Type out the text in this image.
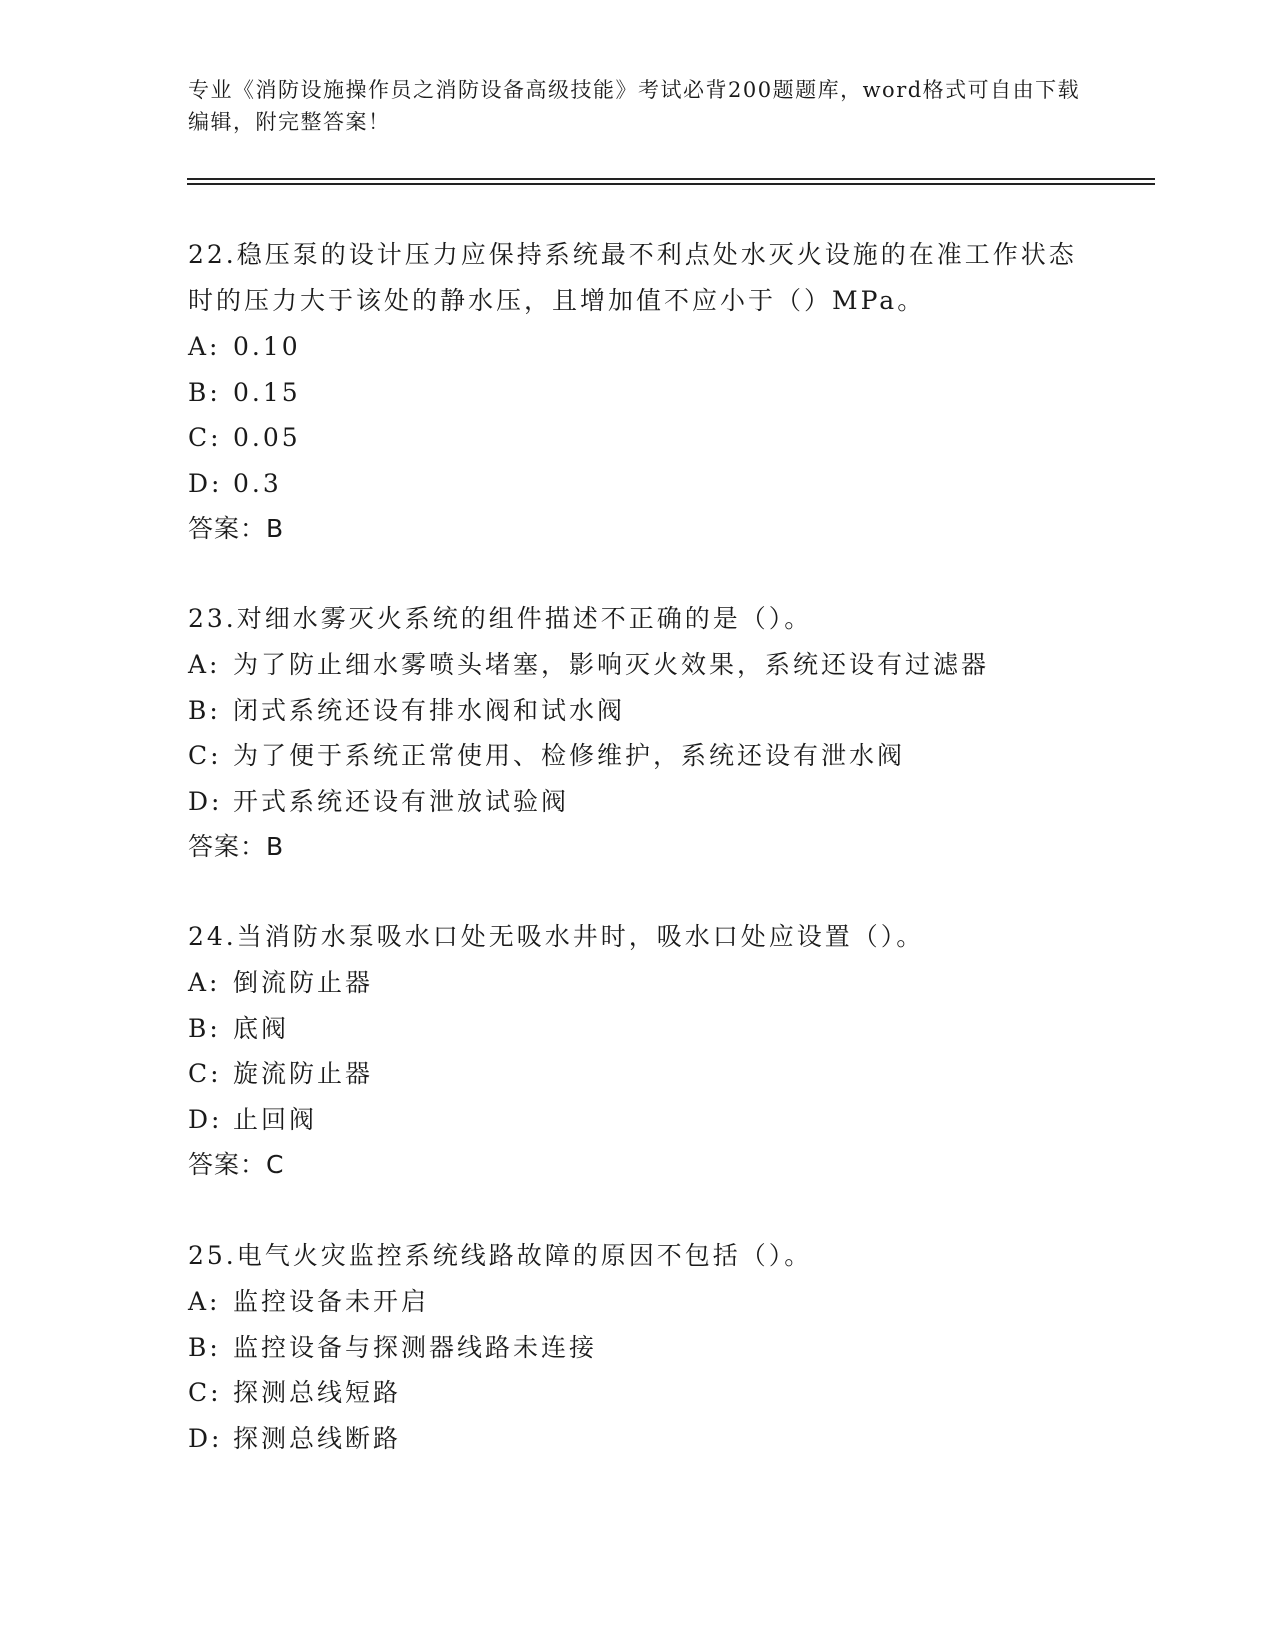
专业《消防设施操作员之消防设备高级技能》考试必背200题题库，word格式可自由下载编辑，附完整答案！

22.稳压泵的设计压力应保持系统最不利点处水灭火设施的在准工作状态时的压力大于该处的静水压，且增加值不应小于（）MPa。

A: 0.10

B: 0.15

C: 0.05

D: 0.3

答案：B

23.对细水雾灭火系统的组件描述不正确的是（）。

A: 为了防止细水雾喷头堵塞，影响灭火效果，系统还设有过滤器

B: 闭式系统还设有排水阀和试水阀

C: 为了便于系统正常使用、检修维护，系统还设有泄水阀

D: 开式系统还设有泄放试验阀

答案：B

24.当消防水泵吸水口处无吸水井时，吸水口处应设置（）。

A: 倒流防止器

B: 底阀

C: 旋流防止器

D: 止回阀

答案：C

25.电气火灾监控系统线路故障的原因不包括（）。

A: 监控设备未开启

B: 监控设备与探测器线路未连接

C: 探测总线短路

D: 探测总线断路
